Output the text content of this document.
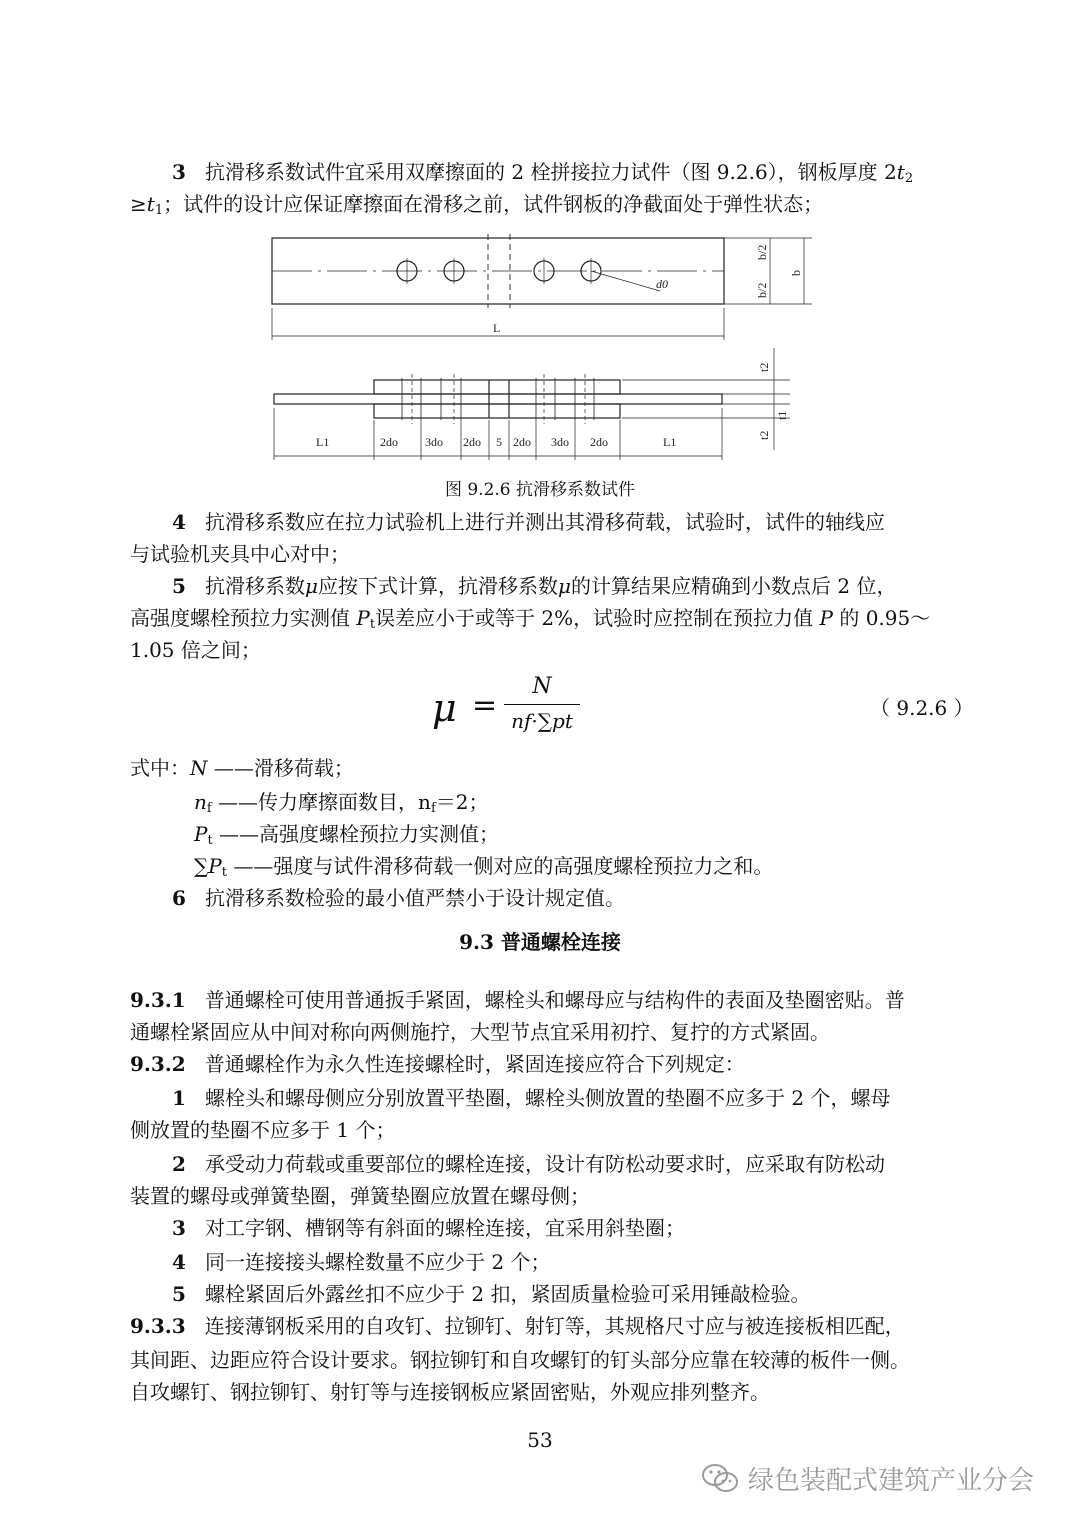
3 抗滑移系数试件宜采用双摩擦面的 2 栓拼接拉力试件（图 9.2.6），钢板厚度 $2t_2$
$\ge t_1$；试件的设计应保证摩擦面在滑移之前，试件钢板的净截面处于弹性状态；
d0
L
b
b/2
b/2
t2
t1
t2
L1	2do 3do 2do 5 2do 3do 2do	L1
图 9.2.6 抗滑移系数试件
4 抗滑移系数应在拉力试验机上进行并测出其滑移荷载，试验时，试件的轴线应
与试验机夹具中心对中；
5 抗滑移系数μ应按下式计算，抗滑移系数μ的计算结果应精确到小数点后 2 位，
高强度螺栓预拉力实测值 $P_t$误差应小于或等于 2%，试验时应控制在预拉力值 P 的 0.95～
1.05 倍之间；
μ =
N
nf·∑pt
（ 9.2.6 ）
式中：N ——滑移荷载；
$n_f$ ——传力摩擦面数目，$n_f=2$；
$P_t$ ——高强度螺栓预拉力实测值；
$\sum P_t$ ——强度与试件滑移荷载一侧对应的高强度螺栓预拉力之和。
6 抗滑移系数检验的最小值严禁小于设计规定值。
9.3 普通螺栓连接
9.3.1 普通螺栓可使用普通扳手紧固，螺栓头和螺母应与结构件的表面及垫圈密贴。普
通螺栓紧固应从中间对称向两侧施拧，大型节点宜采用初拧、复拧的方式紧固。
9.3.2 普通螺栓作为永久性连接螺栓时，紧固连接应符合下列规定：
1 螺栓头和螺母侧应分别放置平垫圈，螺栓头侧放置的垫圈不应多于 2 个，螺母
侧放置的垫圈不应多于 1 个；
2 承受动力荷载或重要部位的螺栓连接，设计有防松动要求时，应采取有防松动
装置的螺母或弹簧垫圈，弹簧垫圈应放置在螺母侧；
3 对工字钢、槽钢等有斜面的螺栓连接，宜采用斜垫圈；
4 同一连接接头螺栓数量不应少于 2 个；
5 螺栓紧固后外露丝扣不应少于 2 扣，紧固质量检验可采用锤敲检验。
9.3.3 连接薄钢板采用的自攻钉、拉铆钉、射钉等，其规格尺寸应与被连接板相匹配，
其间距、边距应符合设计要求。钢拉铆钉和自攻螺钉的钉头部分应靠在较薄的板件一侧。
自攻螺钉、钢拉铆钉、射钉等与连接钢板应紧固密贴，外观应排列整齐。
53
绿色装配式建筑产业分会
